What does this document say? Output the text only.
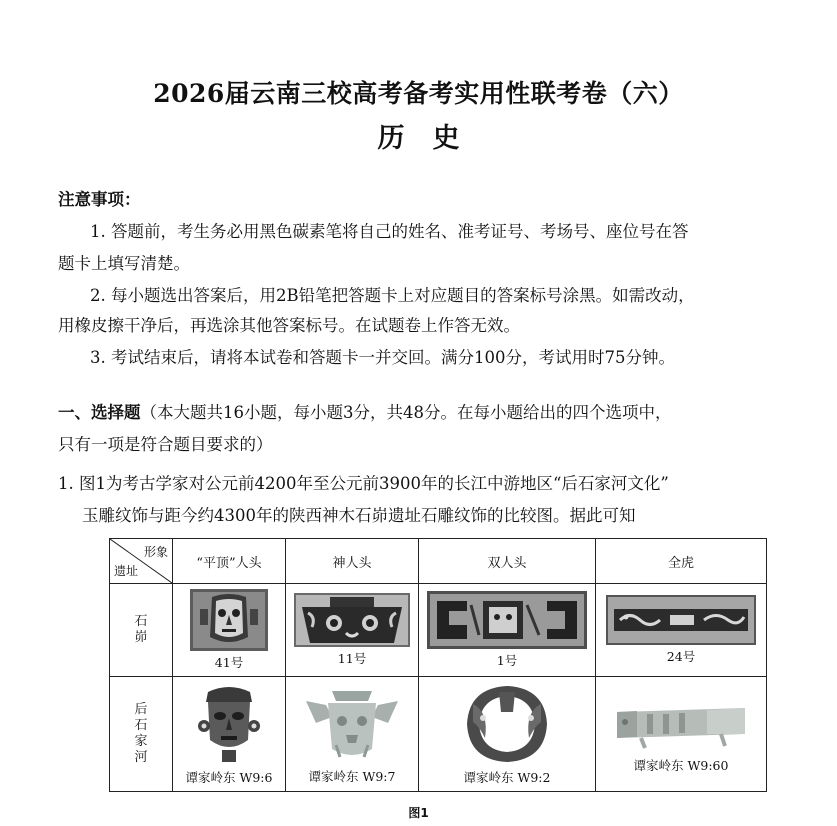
2026届云南三校高考备考实用性联考卷（六）
历史
注意事项：
1. 答题前，考生务必用黑色碳素笔将自己的姓名、准考证号、考场号、座位号在答
题卡上填写清楚。
2. 每小题选出答案后，用2B铅笔把答题卡上对应题目的答案标号涂黑。如需改动，
用橡皮擦干净后，再选涂其他答案标号。在试题卷上作答无效。
3. 考试结束后，请将本试卷和答题卡一并交回。满分100分，考试用时75分钟。
一、选择题（本大题共16小题，每小题3分，共48分。在每小题给出的四个选项中，
只有一项是符合题目要求的）
1. 图1为考古学家对公元前4200年至公元前3900年的长江中游地区“后石家河文化”
玉雕纹饰与距今约4300年的陕西神木石峁遗址石雕纹饰的比较图。据此可知
形象
遗址	“平顶”人头	神人头	双人头	全虎

石峁	41号	11号	1号	24号

后石家河	谭家岭东 W9:6	谭家岭东 W9:7	谭家岭东 W9:2	谭家岭东 W9:60
图1
